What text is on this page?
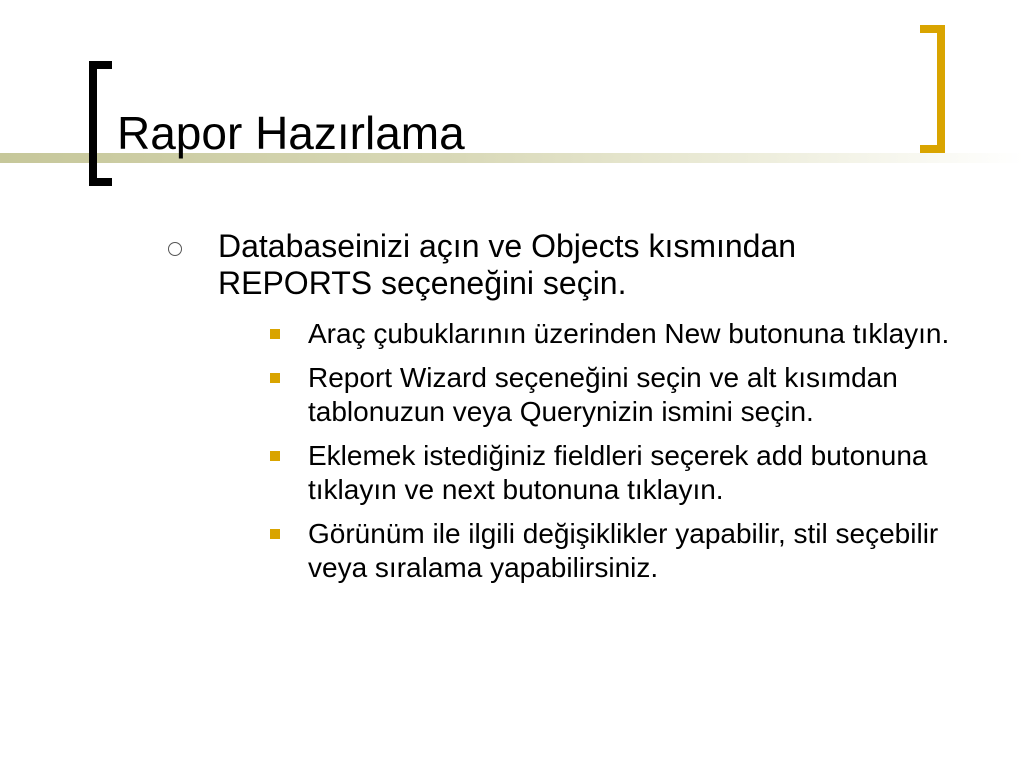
Rapor Hazırlama
Databaseinizi açın ve Objects kısmından REPORTS seçeneğini seçin.
Araç çubuklarının üzerinden New butonuna tıklayın.
Report Wizard seçeneğini seçin ve alt kısımdan tablonuzun veya Querynizin ismini seçin.
Eklemek istediğiniz fieldleri seçerek add butonuna tıklayın ve next butonuna tıklayın.
Görünüm ile ilgili değişiklikler yapabilir, stil seçebilir veya sıralama yapabilirsiniz.
